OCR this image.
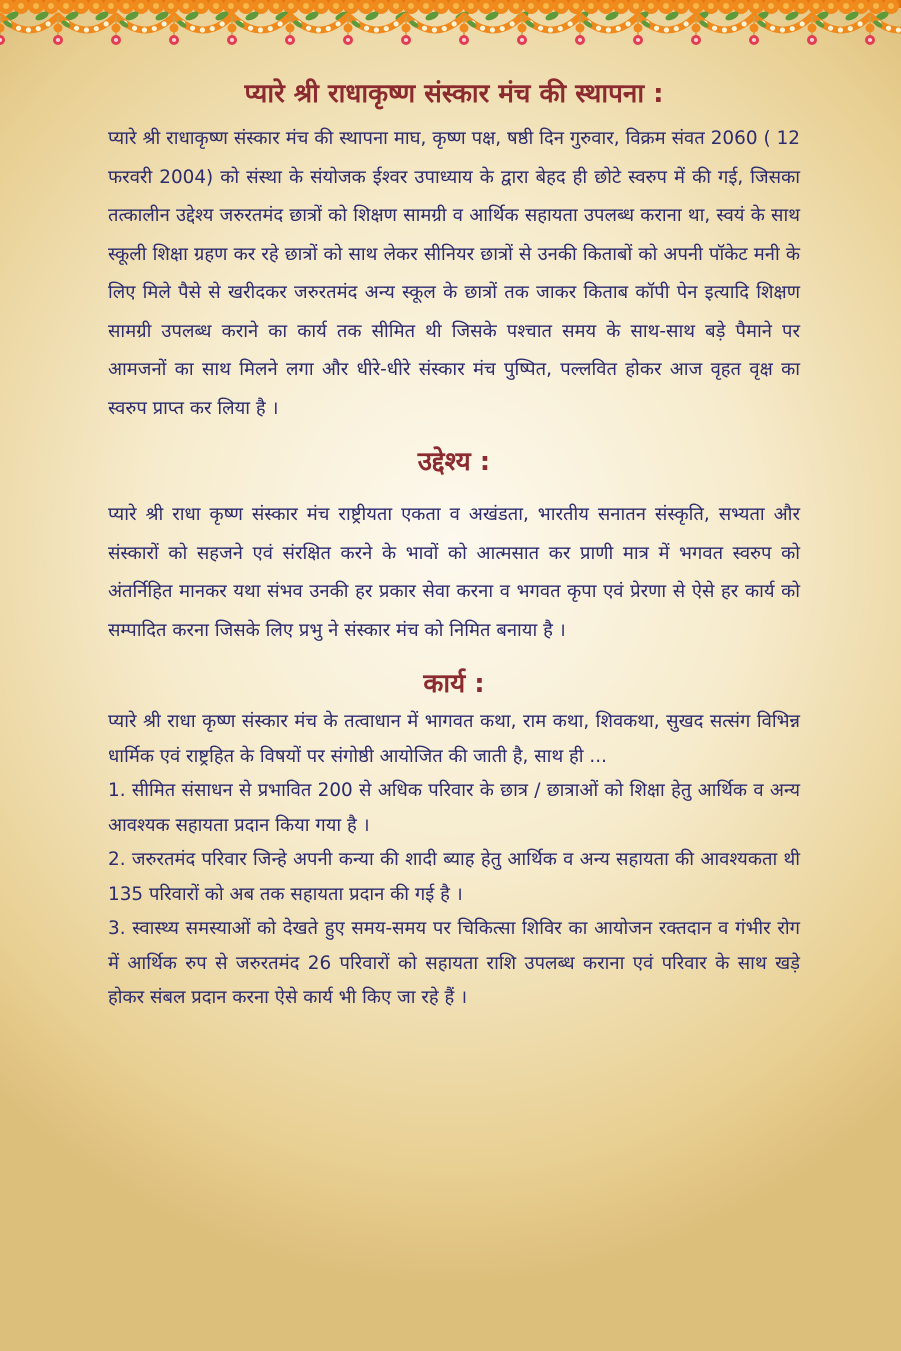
प्यारे श्री राधाकृष्ण संस्कार मंच की स्थापना :

प्यारे श्री राधाकृष्ण संस्कार मंच की स्थापना माघ, कृष्ण पक्ष, षष्ठी दिन गुरुवार, विक्रम संवत 2060 ( 12 फरवरी 2004) को संस्था के संयोजक ईश्वर उपाध्याय के द्वारा बेहद ही छोटे स्वरुप में की गई, जिसका तत्कालीन उद्देश्य जरुरतमंद छात्रों को शिक्षण सामग्री व आर्थिक सहायता उपलब्ध कराना था, स्वयं के साथ स्कूली शिक्षा ग्रहण कर रहे छात्रों को साथ लेकर सीनियर छात्रों से उनकी किताबों को अपनी पॉकेट मनी के लिए मिले पैसे से खरीदकर जरुरतमंद अन्य स्कूल के छात्रों तक जाकर किताब कॉपी पेन इत्यादि शिक्षण सामग्री उपलब्ध कराने का कार्य तक सीमित थी जिसके पश्चात समय के साथ-साथ बड़े पैमाने पर आमजनों का साथ मिलने लगा और धीरे-धीरे संस्कार मंच पुष्पित, पल्लवित होकर आज वृहत वृक्ष का स्वरुप प्राप्त कर लिया है ।

उद्देश्य :

प्यारे श्री राधा कृष्ण संस्कार मंच राष्ट्रीयता एकता व अखंडता, भारतीय सनातन संस्कृति, सभ्यता और संस्कारों को सहजने एवं संरक्षित करने के भावों को आत्मसात कर प्राणी मात्र में भगवत स्वरुप को अंतर्निहित मानकर यथा संभव उनकी हर प्रकार सेवा करना व भगवत कृपा एवं प्रेरणा से ऐसे हर कार्य को सम्पादित करना जिसके लिए प्रभु ने संस्कार मंच को निमित बनाया है ।

कार्य :

प्यारे श्री राधा कृष्ण संस्कार मंच के तत्वाधान में भागवत कथा, राम कथा, शिवकथा, सुखद सत्संग विभिन्न धार्मिक एवं राष्ट्रहित के विषयों पर संगोष्ठी आयोजित की जाती है, साथ ही ...

1. सीमित संसाधन से प्रभावित 200 से अधिक परिवार के छात्र / छात्राओं को शिक्षा हेतु आर्थिक व अन्य आवश्यक सहायता प्रदान किया गया है ।

2. जरुरतमंद परिवार जिन्हे अपनी कन्या की शादी ब्याह हेतु आर्थिक व अन्य सहायता की आवश्यकता थी 135 परिवारों को अब तक सहायता प्रदान की गई है ।

3. स्वास्थ्य समस्याओं को देखते हुए समय-समय पर चिकित्सा शिविर का आयोजन रक्तदान व गंभीर रोग में आर्थिक रुप से जरुरतमंद 26 परिवारों को सहायता राशि उपलब्ध कराना एवं परिवार के साथ खड़े होकर संबल प्रदान करना ऐसे कार्य भी किए जा रहे हैं ।
